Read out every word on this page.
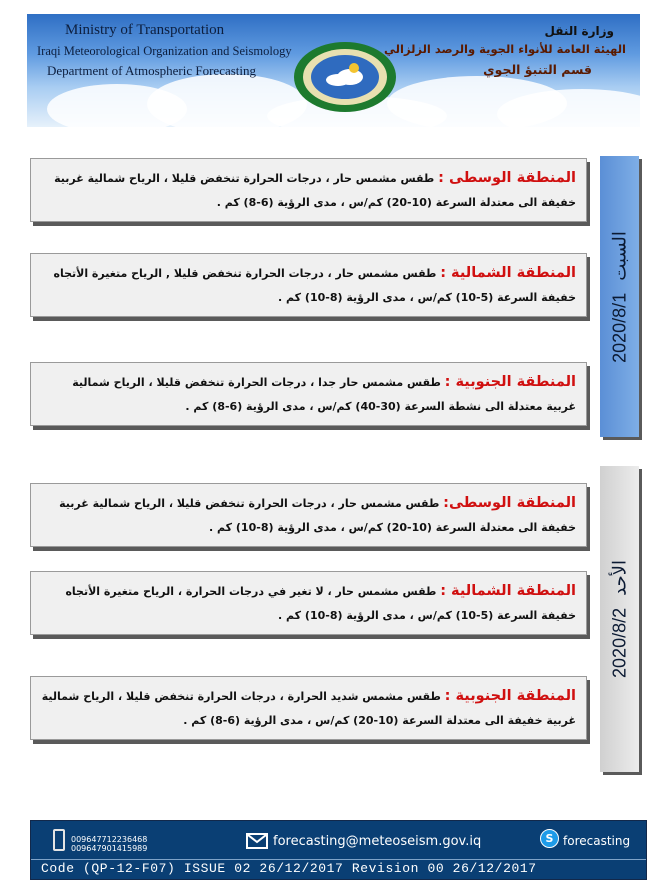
Ministry of Transportation
Iraqi Meteorological Organization and Seismology
Department of Atmospheric Forecasting
وزارة النقل
الهيئة العامة للأنواء الجوية والرصد الزلزالي
قسم التنبؤ الجوي
المنطقة الوسطى : طقس مشمس حار ، درجات الحرارة تنخفض قليلا ، الرياح شمالية غربية خفيفة الى معتدلة السرعة (10-20) كم/س ، مدى الرؤية (6-8) كم .
المنطقة الشمالية : طقس مشمس حار ، درجات الحرارة تنخفض قليلا , الرياح متغيرة الأتجاه خفيفة السرعة (5-10) كم/س ، مدى الرؤية (8-10) كم .
المنطقة الجنوبية : طقس مشمس حار جدا ، درجات الحرارة تنخفض قليلا ، الرياح شمالية غربية معتدلة الى نشطة السرعة (30-40) كم/س ، مدى الرؤية (6-8) كم .
2020/8/1السبت
المنطقة الوسطى: طقس مشمس حار ، درجات الحرارة تنخفض قليلا ، الرياح شمالية غربية خفيفة الى معتدلة السرعة (10-20) كم/س ، مدى الرؤية (8-10) كم .
المنطقة الشمالية : طقس مشمس حار ، لا تغير في درجات الحرارة ، الرياح متغيرة الأتجاه خفيفة السرعة (5-10) كم/س ، مدى الرؤية (8-10) كم .
المنطقة الجنوبية : طقس مشمس شديد الحرارة ، درجات الحرارة تنخفض قليلا ، الرياح شمالية غربية خفيفة الى معتدلة السرعة (10-20) كم/س ، مدى الرؤية (6-8) كم .
2020/8/2الأحد
009647712236468
009647901415989	forecasting@meteoseism.gov.iq	S forecasting
Code (QP-12-F07) ISSUE 02 26/12/2017 Revision 00 26/12/2017
